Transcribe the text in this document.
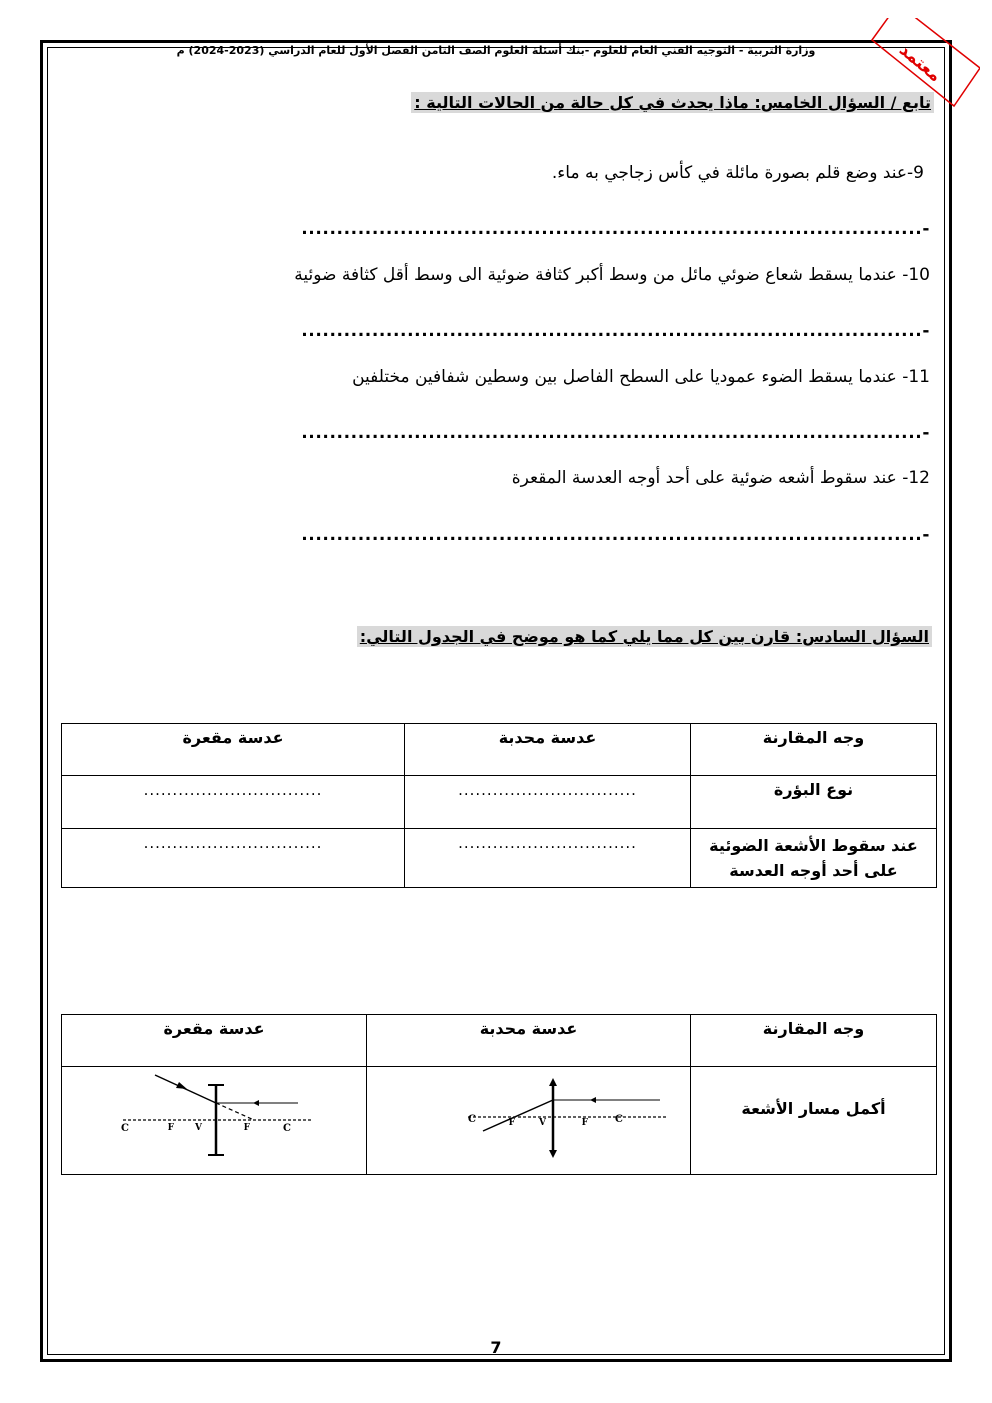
وزارة التربية - التوجيه الفني العام للعلوم -بنك أسئلة العلوم الصف الثامن الفصل الأول للعام الدراسي (2023-2024) م	معتمد
تابع / السؤال الخامس: ماذا يحدث في كل حالة من الحالات التالية :
9-عند وضع قلم بصورة مائلة في كأس زجاجي به ماء.
-........................................................................................
10- عندما يسقط شعاع ضوئي مائل من وسط أكبر كثافة ضوئية الى وسط أقل كثافة ضوئية
-........................................................................................
11- عندما يسقط الضوء عموديا على السطح الفاصل بين وسطين شفافين مختلفين
-........................................................................................
12- عند سقوط أشعه ضوئية على أحد أوجه العدسة المقعرة
-........................................................................................
السؤال السادس: قارن بين كل مما يلي كما هو موضح في الجدول التالي:
وجه المقارنة	عدسة محدبة	عدسة مقعرة
نوع البؤرة	...............................	...............................
عند سقوط الأشعة الضوئية على أحد أوجه العدسة	...............................	...............................
وجه المقارنة	عدسة محدبة	عدسة مقعرة
أكمل مسار الأشعة	C F V F C	C F V F C
7
